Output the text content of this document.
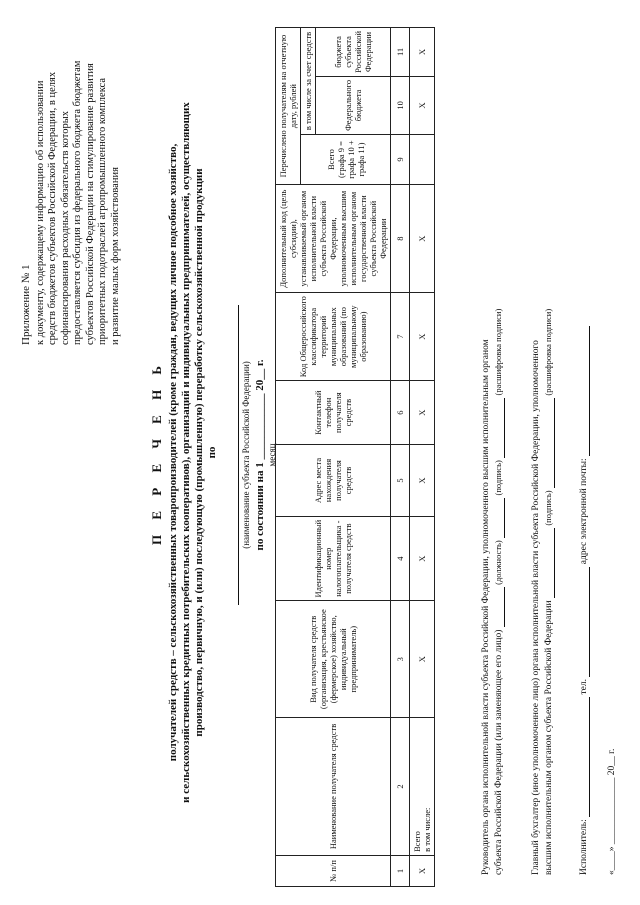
Приложение № 1 к документу, содержащему информацию об использовании средств бюджетов субъектов Российской Федерации, в целях софинансирования расходных обязательств которых предоставляется субсидия из федерального бюджета бюджетам субъектов Российской Федерации на стимулирование развития приоритетных подотраслей агропромышленного комплекса и развитие малых форм хозяйствования
П Е Р Е Ч Е Н Ь получателей средств – сельскохозяйственных товаропроизводителей (кроме граждан, ведущих личное подсобное хозяйство, и сельскохозяйственных кредитных потребительских кооперативов), организаций и индивидуальных предпринимателей, осуществляющих производство, первичную, и (или) последующую (промышленную) переработку сельскохозяйственной продукции по	(наименование субъекта Российской Федерации) по состоянии на 1 ____________ 20__ г. месяц
№ п/п	Наименование получателя средств	Вид получателя средств (организация, крестьянское (фермерское) хозяйство, индивидуальный предприниматель)	Идентификационный номер налогоплательщика - получателя средств	Адрес места нахождения получателя средств	Контактный телефон получателя средств	Код Общероссийского классификатора территорий муниципальных образований (по муниципальному образованию)	Дополнительный код (цель субсидии), устанавливаемый органом исполнительной власти субъекта Российской Федерации, уполномоченным высшим исполнительным органом государственной власти субъекта Российской Федерации	Перечислено получателям на отчетную дату, рублей		
								Всего (графа 9 = графа 10 + графа 11)	в том числе за счет средств	
									Федерального бюджета	бюджета субъекта Российской Федерации
1	2	3	4	5	6	7	8	9	10	11
X	Всего в том числе:	X	X	X	X	X	X		X	X
Руководитель органа исполнительной власти субъекта Российской Федерации, уполномоченного высшим исполнительным органом субъекта Российской Федерации (или заменяющее его лицо)  (должность)  (подпись)  (расшифровка подписи)	Главный бухгалтер (иное уполномоченное лицо) органа исполнительной власти субъекта Российской Федерации, уполномоченного высшим исполнительным органом субъекта Российской Федерации  (подпись)  (расшифровка подписи)
Исполнитель:  тел.  адрес электронной почты:
«____» ______________ 20__ г.
